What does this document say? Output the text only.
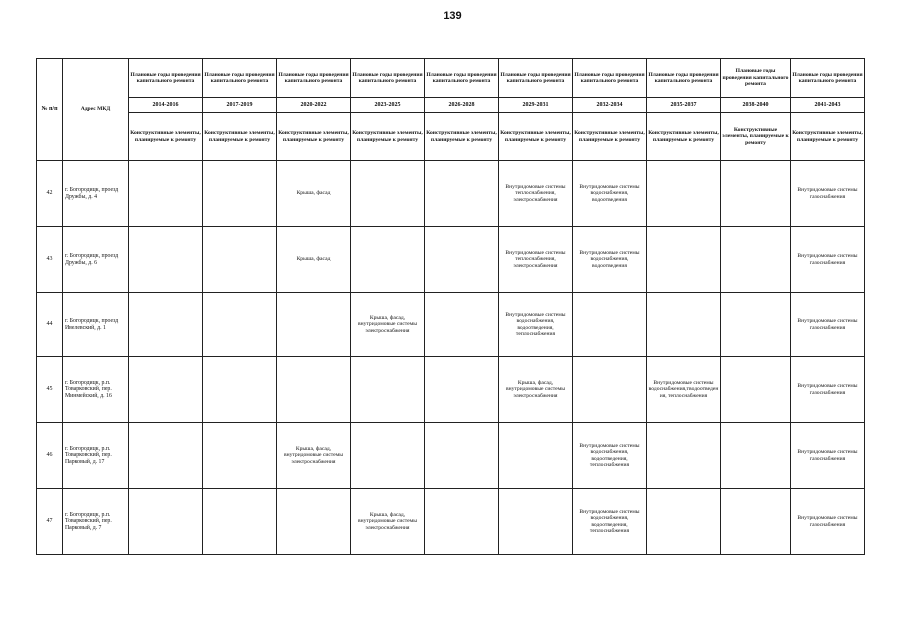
139
№ п/п	Адрес МКД	Плановые годы проведения капитального ремонта	Плановые годы проведения капитального ремонта	Плановые годы проведения капитального ремонта	Плановые годы проведения капитального ремонта	Плановые годы проведения капитального ремонта	Плановые годы проведения капитального ремонта	Плановые годы проведения капитального ремонта	Плановые годы проведения капитального ремонта	Плановые годы проведения капитального ремонта	Плановые годы проведения капитального ремонта
		2014-2016	2017-2019	2020-2022	2023-2025	2026-2028	2029-2031	2032-2034	2035-2037	2038-2040	2041-2043
		Конструктивные элементы, планируемые к ремонту	Конструктивные элементы, планируемые к ремонту	Конструктивные элементы, планируемые к ремонту	Конструктивные элементы, планируемые к ремонту	Конструктивные элементы, планируемые к ремонту	Конструктивные элементы, планируемые к ремонту	Конструктивные элементы, планируемые к ремонту	Конструктивные элементы, планируемые к ремонту	Конструктивные элементы, планируемые к ремонту	Конструктивные элементы, планируемые к ремонту
42	г. Богородицк, проезд Дружбы, д. 4			Крыша, фасад			Внутридомовые системы теплоснабжения, электроснабжения	Внутридомовые системы водоснабжения, водоотведения			Внутридомовые системы газоснабжения
43	г. Богородицк, проезд Дружбы, д. 6			Крыша, фасад			Внутридомовые системы теплоснабжения, электроснабжения	Внутридомовые системы водоснабжения, водоотведения			Внутридомовые системы газоснабжения
44	г. Богородицк, проезд Ивелевский, д. 1				Крыша, фасад, внутридомовые системы электроснабжения		Внутридомовые системы водоснабжения, водоотведения, теплоснабжения				Внутридомовые системы газоснабжения
45	г. Богородицк, р.п. Товарковский, пер. Минмейский, д. 16						Крыша, фасад, внутридомовые системы электроснабжения		Внутридомовые системы водоснабжения,тводоотведения, теплоснабжения		Внутридомовые системы газоснабжения
46	г. Богородицк, р.п. Товарковский, пер. Парковый, д. 17			Крыша, фасад, внутридомовые системы электроснабжения				Внутридомовые системы водоснабжения, водоотведения, теплоснабжения			Внутридомовые системы газоснабжения
47	г. Богородицк, р.п. Товарковский, пер. Парковый, д. 7				Крыша, фасад, внутридомовые системы электроснабжения			Внутридомовые системы водоснабжения, водоотведения, теплоснабжения			Внутридомовые системы газоснабжения
